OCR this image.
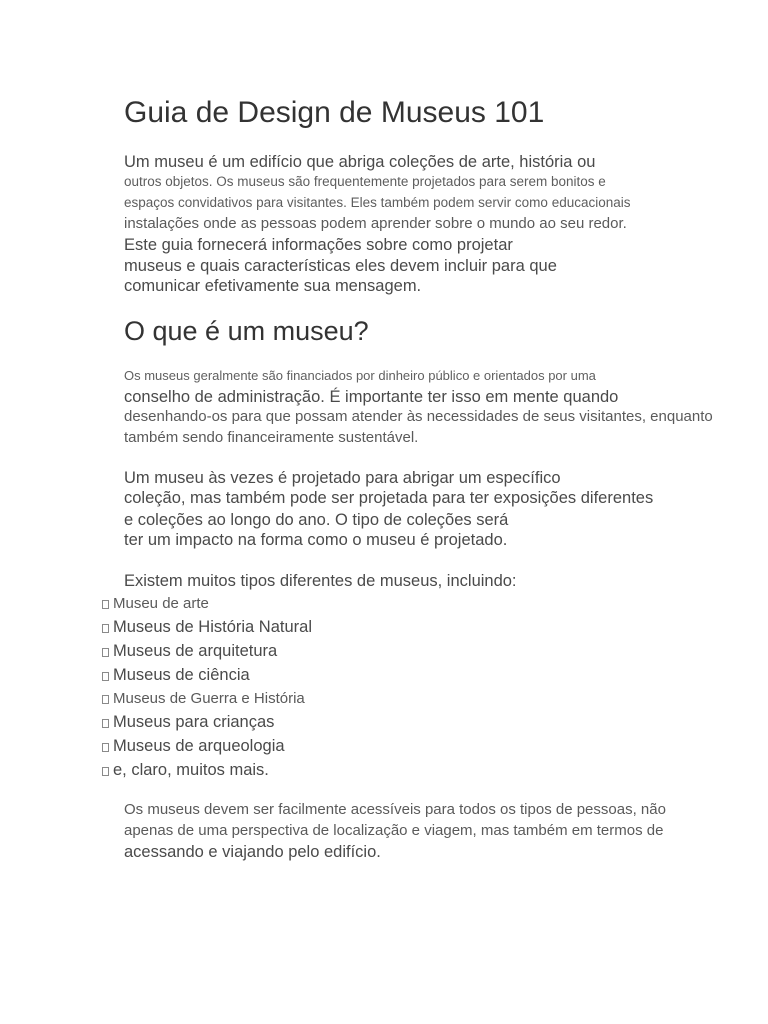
Guia de Design de Museus 101

Um museu é um edifício que abriga coleções de arte, história ou

outros objetos. Os museus são frequentemente projetados para serem bonitos e

espaços convidativos para visitantes. Eles também podem servir como educacionais

instalações onde as pessoas podem aprender sobre o mundo ao seu redor.

Este guia fornecerá informações sobre como projetar

museus e quais características eles devem incluir para que

comunicar efetivamente sua mensagem.

O que é um museu?

Os museus geralmente são financiados por dinheiro público e orientados por uma

conselho de administração. É importante ter isso em mente quando

desenhando-os para que possam atender às necessidades de seus visitantes, enquanto

também sendo financeiramente sustentável.

Um museu às vezes é projetado para abrigar um específico

coleção, mas também pode ser projetada para ter exposições diferentes

e coleções ao longo do ano. O tipo de coleções será

ter um impacto na forma como o museu é projetado.

Existem muitos tipos diferentes de museus, incluindo:

Museu de arte
Museus de História Natural
Museus de arquitetura
Museus de ciência
Museus de Guerra e História
Museus para crianças
Museus de arqueologia
e, claro, muitos mais.

Os museus devem ser facilmente acessíveis para todos os tipos de pessoas, não

apenas de uma perspectiva de localização e viagem, mas também em termos de

acessando e viajando pelo edifício.
